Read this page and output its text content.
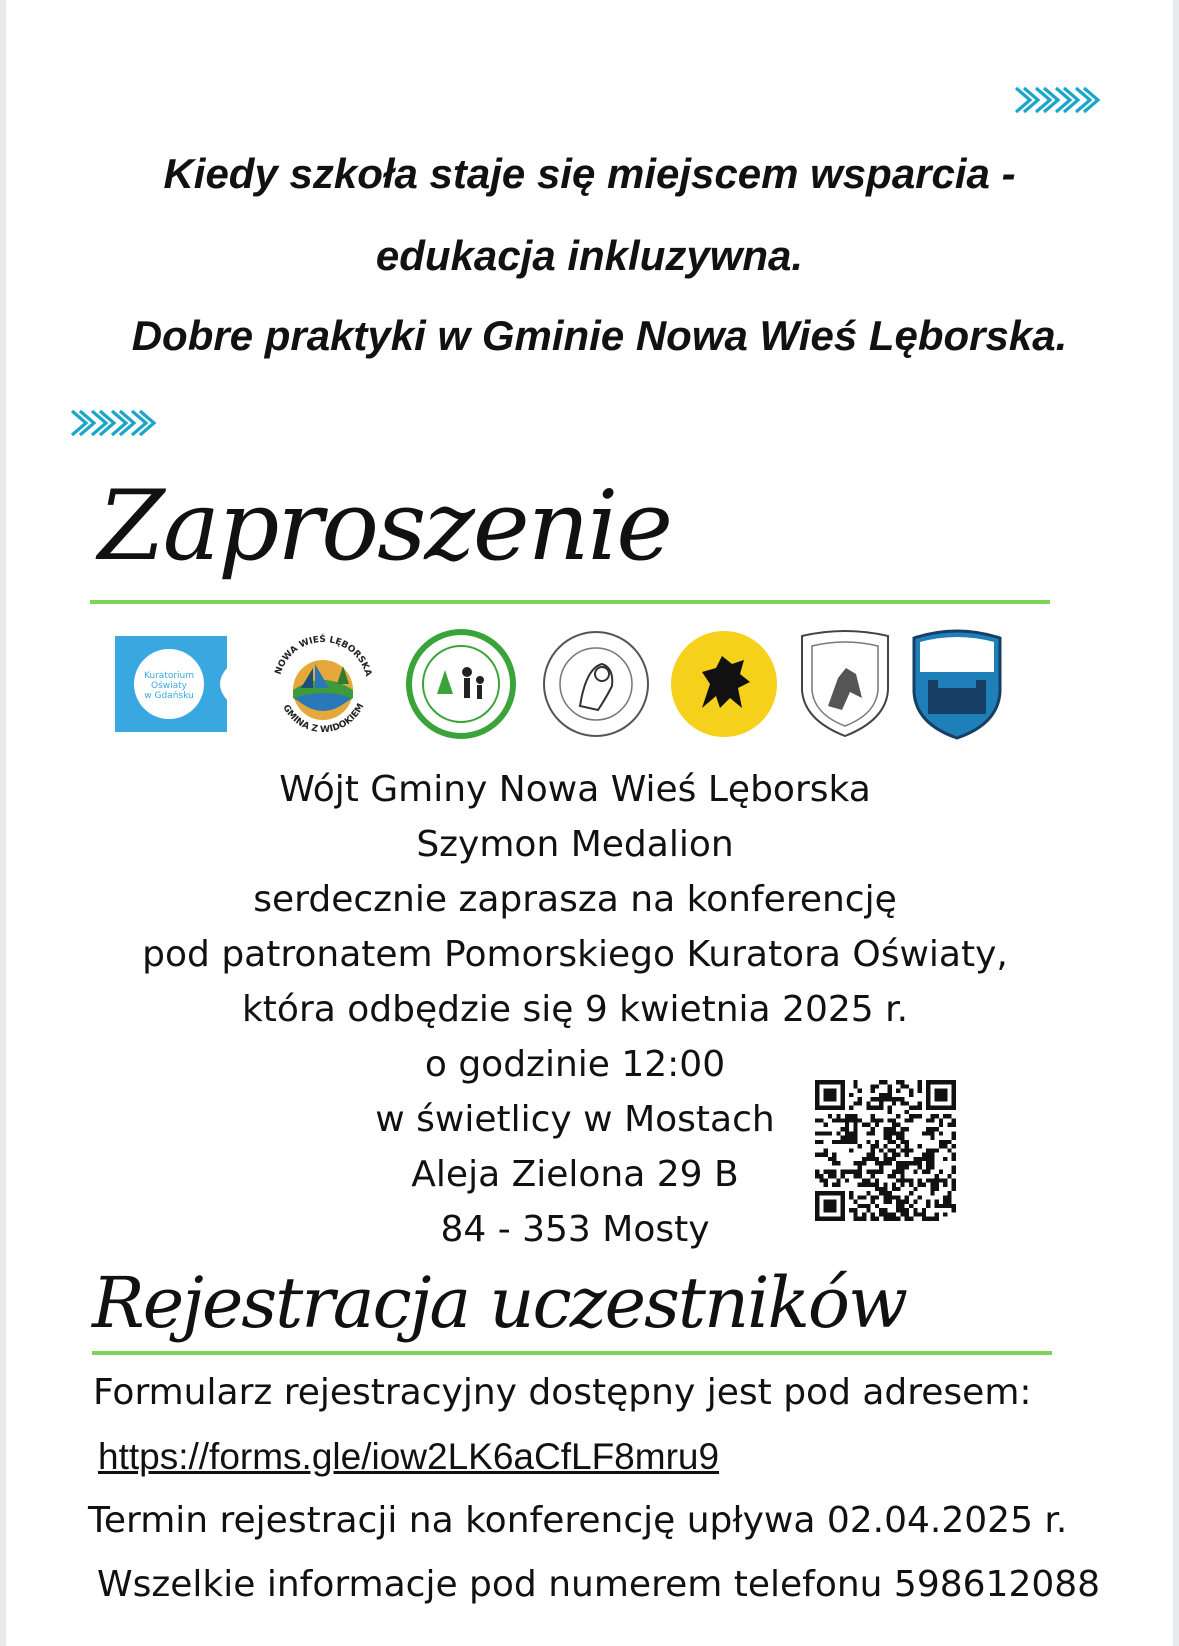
Kiedy szkoła staje się miejscem wsparcia -
edukacja inkluzywna.
Dobre praktyki w Gminie Nowa Wieś Lęborska.
Zaproszenie
Kuratorium
Oświaty
w Gdańsku
NOWA WIEŚ LĘBORSKA
GMINA Z WIDOKIEM
Wójt Gminy Nowa Wieś Lęborska
Szymon Medalion
serdecznie zaprasza na konferencję
pod patronatem Pomorskiego Kuratora Oświaty,
która odbędzie się 9 kwietnia 2025 r.
o godzinie 12:00
w świetlicy w Mostach
Aleja Zielona 29 B
84 - 353 Mosty
Rejestracja uczestników
Formularz rejestracyjny dostępny jest pod adresem:
https://forms.gle/iow2LK6aCfLF8mru9
Termin rejestracji na konferencję upływa 02.04.2025 r.
Wszelkie informacje pod numerem telefonu 598612088
